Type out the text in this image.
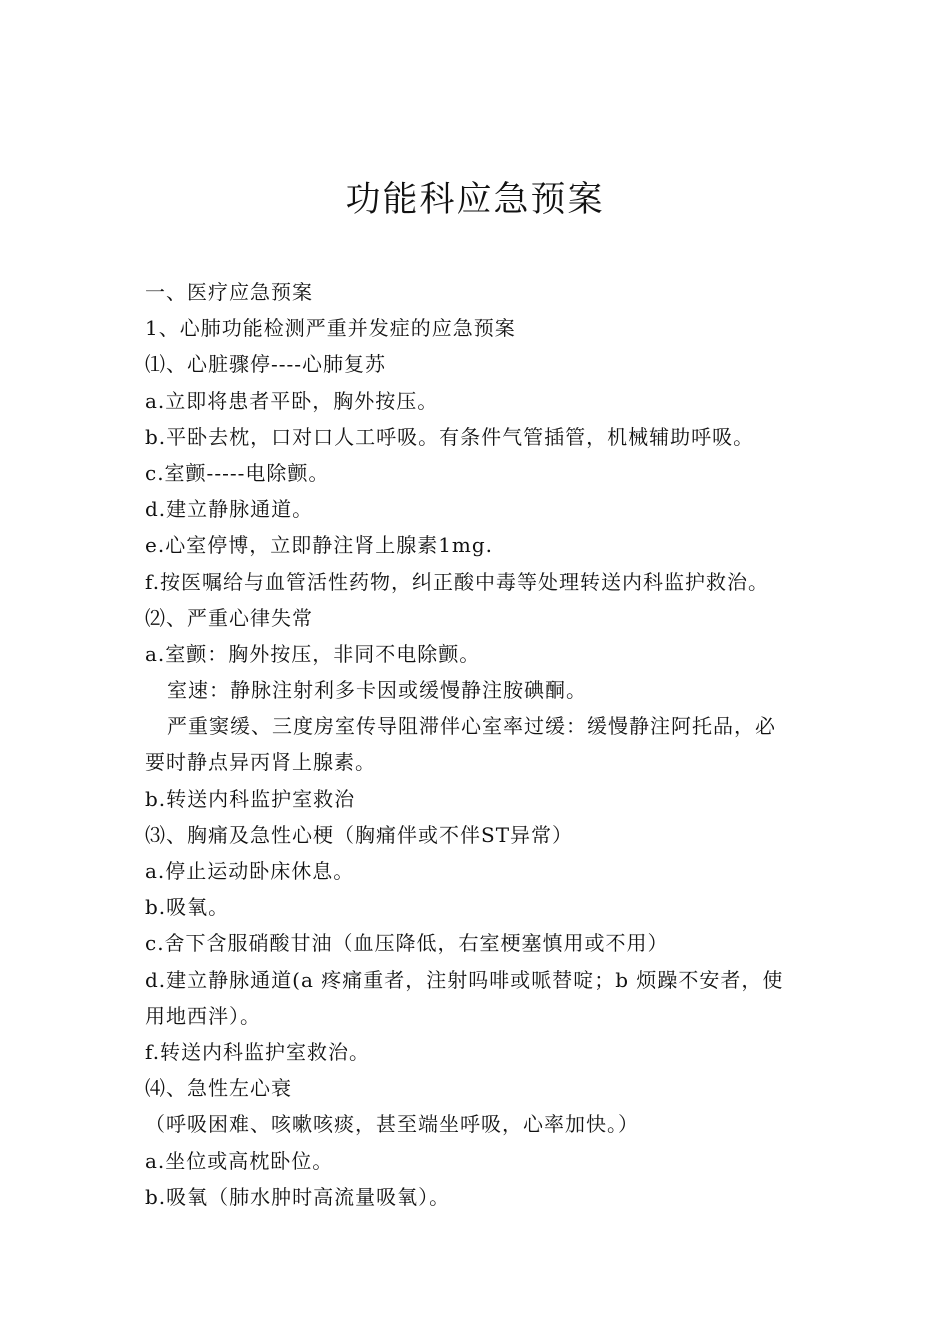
功能科应急预案
一、医疗应急预案
1、心肺功能检测严重并发症的应急预案
⑴、心脏骤停----心肺复苏
a.立即将患者平卧，胸外按压。
b.平卧去枕，口对口人工呼吸。有条件气管插管，机械辅助呼吸。
c.室颤-----电除颤。
d.建立静脉通道。
e.心室停博，立即静注肾上腺素1mg.
f.按医嘱给与血管活性药物，纠正酸中毒等处理转送内科监护救治。
⑵、严重心律失常
a.室颤：胸外按压，非同不电除颤。
室速：静脉注射利多卡因或缓慢静注胺碘酮。
严重窦缓、三度房室传导阻滞伴心室率过缓：缓慢静注阿托品，必
要时静点异丙肾上腺素。
b.转送内科监护室救治
⑶、胸痛及急性心梗（胸痛伴或不伴ST异常）
a.停止运动卧床休息。
b.吸氧。
c.舍下含服硝酸甘油（血压降低，右室梗塞慎用或不用）
d.建立静脉通道(a 疼痛重者，注射吗啡或哌替啶；b 烦躁不安者，使
用地西泮）。
f.转送内科监护室救治。
⑷、急性左心衰
（呼吸困难、咳嗽咳痰，甚至端坐呼吸，心率加快。）
a.坐位或高枕卧位。
b.吸氧（肺水肿时高流量吸氧）。
